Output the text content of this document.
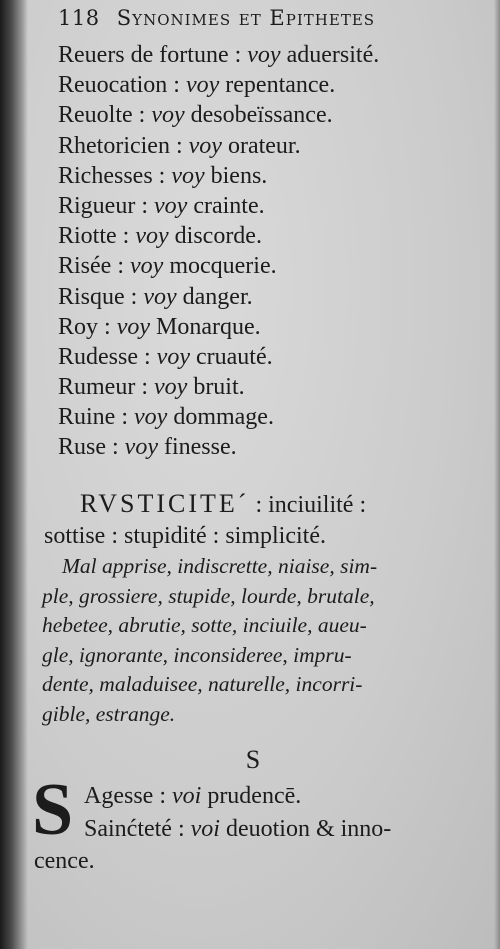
118 Synonimes et Epithetes
Reuers de fortune : voy aduersité.
Reuocation : voy repentance.
Reuolte : voy desobeïssance.
Rhetoricien : voy orateur.
Richesses : voy biens.
Rigueur : voy crainte.
Riotte : voy discorde.
Risée : voy mocquerie.
Risque : voy danger.
Roy : voy Monarque.
Rudesse : voy cruauté.
Rumeur : voy bruit.
Ruine : voy dommage.
Ruse : voy finesse.
RVSTICITE´ : inciuilité :
sottise : stupidité : simplicité.
Mal apprise, indiscrette, niaise, sim-
ple, grossiere, stupide, lourde, brutale,
hebetee, abrutie, sotte, inciuile, aueu-
gle, ignorante, inconsideree, impru-
dente, maladuisee, naturelle, incorri-
gible, estrange.
S
S Agesse : voi prudencē.
Sainćteté : voi deuotion & inno-
cence.
